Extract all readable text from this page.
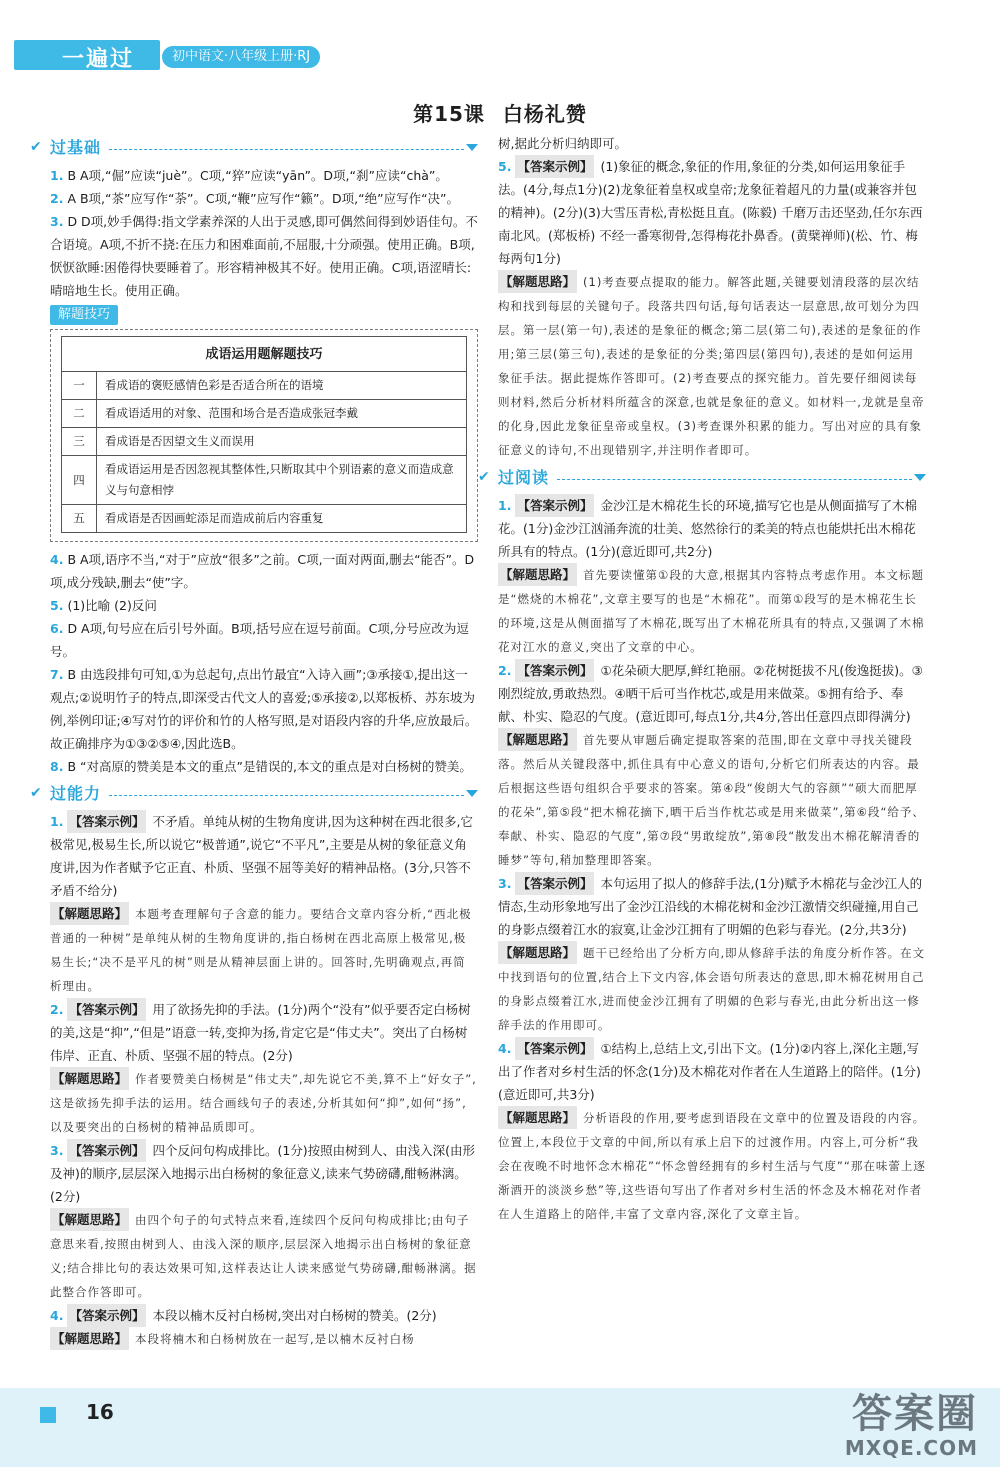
一遍过	初中语文·八年级上册·RJ
第15课 白杨礼赞
✔ 过基础
1. B A项,“倔”应读“juè”。C项,“猝”应读“yān”。D项,“刹”应读“chà”。
2. A B项,“茶”应写作“荼”。C项,“鞭”应写作“籁”。D项,“绝”应写作“决”。
3. D D项,妙手偶得:指文学素养深的人出于灵感,即可偶然间得到妙语佳句。不合语境。A项,不折不挠:在压力和困难面前,不屈服,十分顽强。使用正确。B项,恹恹欲睡:困倦得快要睡着了。形容精神极其不好。使用正确。C项,语涩晴长:晴暗地生长。使用正确。
解题技巧
成语运用题解题技巧	
一	看成语的褒贬感情色彩是否适合所在的语境
二	看成语适用的对象、范围和场合是否造成张冠李戴
三	看成语是否因望文生义而误用
四	看成语运用是否因忽视其整体性,只断取其中个别语素的意义而造成意义与句意相悖
五	看成语是否因画蛇添足而造成前后内容重复
4. B A项,语序不当,“对于”应放“很多”之前。C项,一面对两面,删去“能否”。D项,成分残缺,删去“使”字。
5. (1)比喻 (2)反问
6. D A项,句号应在后引号外面。B项,括号应在逗号前面。C项,分号应改为逗号。
7. B 由选段排句可知,①为总起句,点出竹最宜“入诗入画”;③承接①,提出这一观点;②说明竹子的特点,即深受古代文人的喜爱;⑤承接②,以郑板桥、苏东坡为例,举例印证;④写对竹的评价和竹的人格写照,是对语段内容的升华,应放最后。故正确排序为①③②⑤④,因此选B。
8. B “对高原的赞美是本文的重点”是错误的,本文的重点是对白杨树的赞美。
✔ 过能力
1. 【答案示例】 不矛盾。单纯从树的生物角度讲,因为这种树在西北很多,它极常见,极易生长,所以说它“极普通”,说它“不平凡”,主要是从树的象征意义角度讲,因为作者赋予它正直、朴质、坚强不屈等美好的精神品格。(3分,只答不矛盾不给分)
【解题思路】 本题考查理解句子含意的能力。要结合文章内容分析,“西北极普通的一种树”是单纯从树的生物角度讲的,指白杨树在西北高原上极常见,极易生长;“决不是平凡的树”则是从精神层面上讲的。回答时,先明确观点,再简析理由。
2. 【答案示例】 用了欲扬先抑的手法。(1分)两个“没有”似乎要否定白杨树的美,这是“抑”,“但是”语意一转,变抑为扬,肯定它是“伟丈夫”。突出了白杨树伟岸、正直、朴质、坚强不屈的特点。(2分)
【解题思路】 作者要赞美白杨树是“伟丈夫”,却先说它不美,算不上“好女子”,这是欲扬先抑手法的运用。结合画线句子的表述,分析其如何“抑”,如何“扬”,以及要突出的白杨树的精神品质即可。
3. 【答案示例】 四个反问句构成排比。(1分)按照由树到人、由浅入深(由形及神)的顺序,层层深入地揭示出白杨树的象征意义,读来气势磅礴,酣畅淋漓。(2分)
【解题思路】 由四个句子的句式特点来看,连续四个反问句构成排比;由句子意思来看,按照由树到人、由浅入深的顺序,层层深入地揭示出白杨树的象征意义;结合排比句的表达效果可知,这样表达让人读来感觉气势磅礴,酣畅淋漓。据此整合作答即可。
4. 【答案示例】 本段以楠木反衬白杨树,突出对白杨树的赞美。(2分)
【解题思路】 本段将楠木和白杨树放在一起写,是以楠木反衬白杨
树,据此分析归纳即可。
5. 【答案示例】 (1)象征的概念,象征的作用,象征的分类,如何运用象征手法。(4分,每点1分)(2)龙象征着皇权或皇帝;龙象征着超凡的力量(或兼容并包的精神)。(2分)(3)大雪压青松,青松挺且直。(陈毅) 千磨万击还坚劲,任尔东西南北风。(郑板桥) 不经一番寒彻骨,怎得梅花扑鼻香。(黄檗禅师)(松、竹、梅每两句1分)
【解题思路】 (1)考查要点提取的能力。解答此题,关键要划清段落的层次结构和找到每层的关键句子。段落共四句话,每句话表达一层意思,故可划分为四层。第一层(第一句),表述的是象征的概念;第二层(第二句),表述的是象征的作用;第三层(第三句),表述的是象征的分类;第四层(第四句),表述的是如何运用象征手法。据此提炼作答即可。(2)考查要点的探究能力。首先要仔细阅读每则材料,然后分析材料所蕴含的深意,也就是象征的意义。如材料一,龙就是皇帝的化身,因此龙象征皇帝或皇权。(3)考查课外积累的能力。写出对应的具有象征意义的诗句,不出现错别字,并注明作者即可。
✔ 过阅读
1. 【答案示例】 金沙江是木棉花生长的环境,描写它也是从侧面描写了木棉花。(1分)金沙江汹涌奔流的壮美、悠然徐行的柔美的特点也能烘托出木棉花所具有的特点。(1分)(意近即可,共2分)
【解题思路】 首先要读懂第①段的大意,根据其内容特点考虑作用。本文标题是“燃烧的木棉花”,文章主要写的也是“木棉花”。而第①段写的是木棉花生长的环境,这是从侧面描写了木棉花,既写出了木棉花所具有的特点,又强调了木棉花对江水的意义,突出了文章的中心。
2. 【答案示例】 ①花朵硕大肥厚,鲜红艳丽。②花树挺拔不凡(俊逸挺拔)。③刚烈绽放,勇敢热烈。④晒干后可当作枕芯,或是用来做菜。⑤拥有给予、奉献、朴实、隐忍的气度。(意近即可,每点1分,共4分,答出任意四点即得满分)
【解题思路】 首先要从审题后确定提取答案的范围,即在文章中寻找关键段落。然后从关键段落中,抓住具有中心意义的语句,分析它们所表达的内容。最后根据这些语句组织合乎要求的答案。第④段“俊朗大气的容颜”“硕大而肥厚的花朵”,第⑤段“把木棉花摘下,晒干后当作枕芯或是用来做菜”,第⑥段“给予、奉献、朴实、隐忍的气度”,第⑦段“男敢绽放”,第⑧段“散发出木棉花解清香的睡梦”等句,稍加整理即答案。
3. 【答案示例】 本句运用了拟人的修辞手法,(1分)赋予木棉花与金沙江人的情态,生动形象地写出了金沙江沿线的木棉花树和金沙江激情交织碰撞,用自己的身影点缀着江水的寂寞,让金沙江拥有了明媚的色彩与春光。(2分,共3分)
【解题思路】 题干已经给出了分析方向,即从修辞手法的角度分析作答。在文中找到语句的位置,结合上下文内容,体会语句所表达的意思,即木棉花树用自己的身影点缀着江水,进而使金沙江拥有了明媚的色彩与春光,由此分析出这一修辞手法的作用即可。
4. 【答案示例】 ①结构上,总结上文,引出下文。(1分)②内容上,深化主题,写出了作者对乡村生活的怀念(1分)及木棉花对作者在人生道路上的陪伴。(1分)(意近即可,共3分)
【解题思路】 分析语段的作用,要考虑到语段在文章中的位置及语段的内容。位置上,本段位于文章的中间,所以有承上启下的过渡作用。内容上,可分析“我会在夜晚不时地怀念木棉花”“怀念曾经拥有的乡村生活与气度”“那在味蕾上逐渐酒开的淡淡乡愁”等,这些语句写出了作者对乡村生活的怀念及木棉花对作者在人生道路上的陪伴,丰富了文章内容,深化了文章主旨。
16	答案圈
MXQE.COM
